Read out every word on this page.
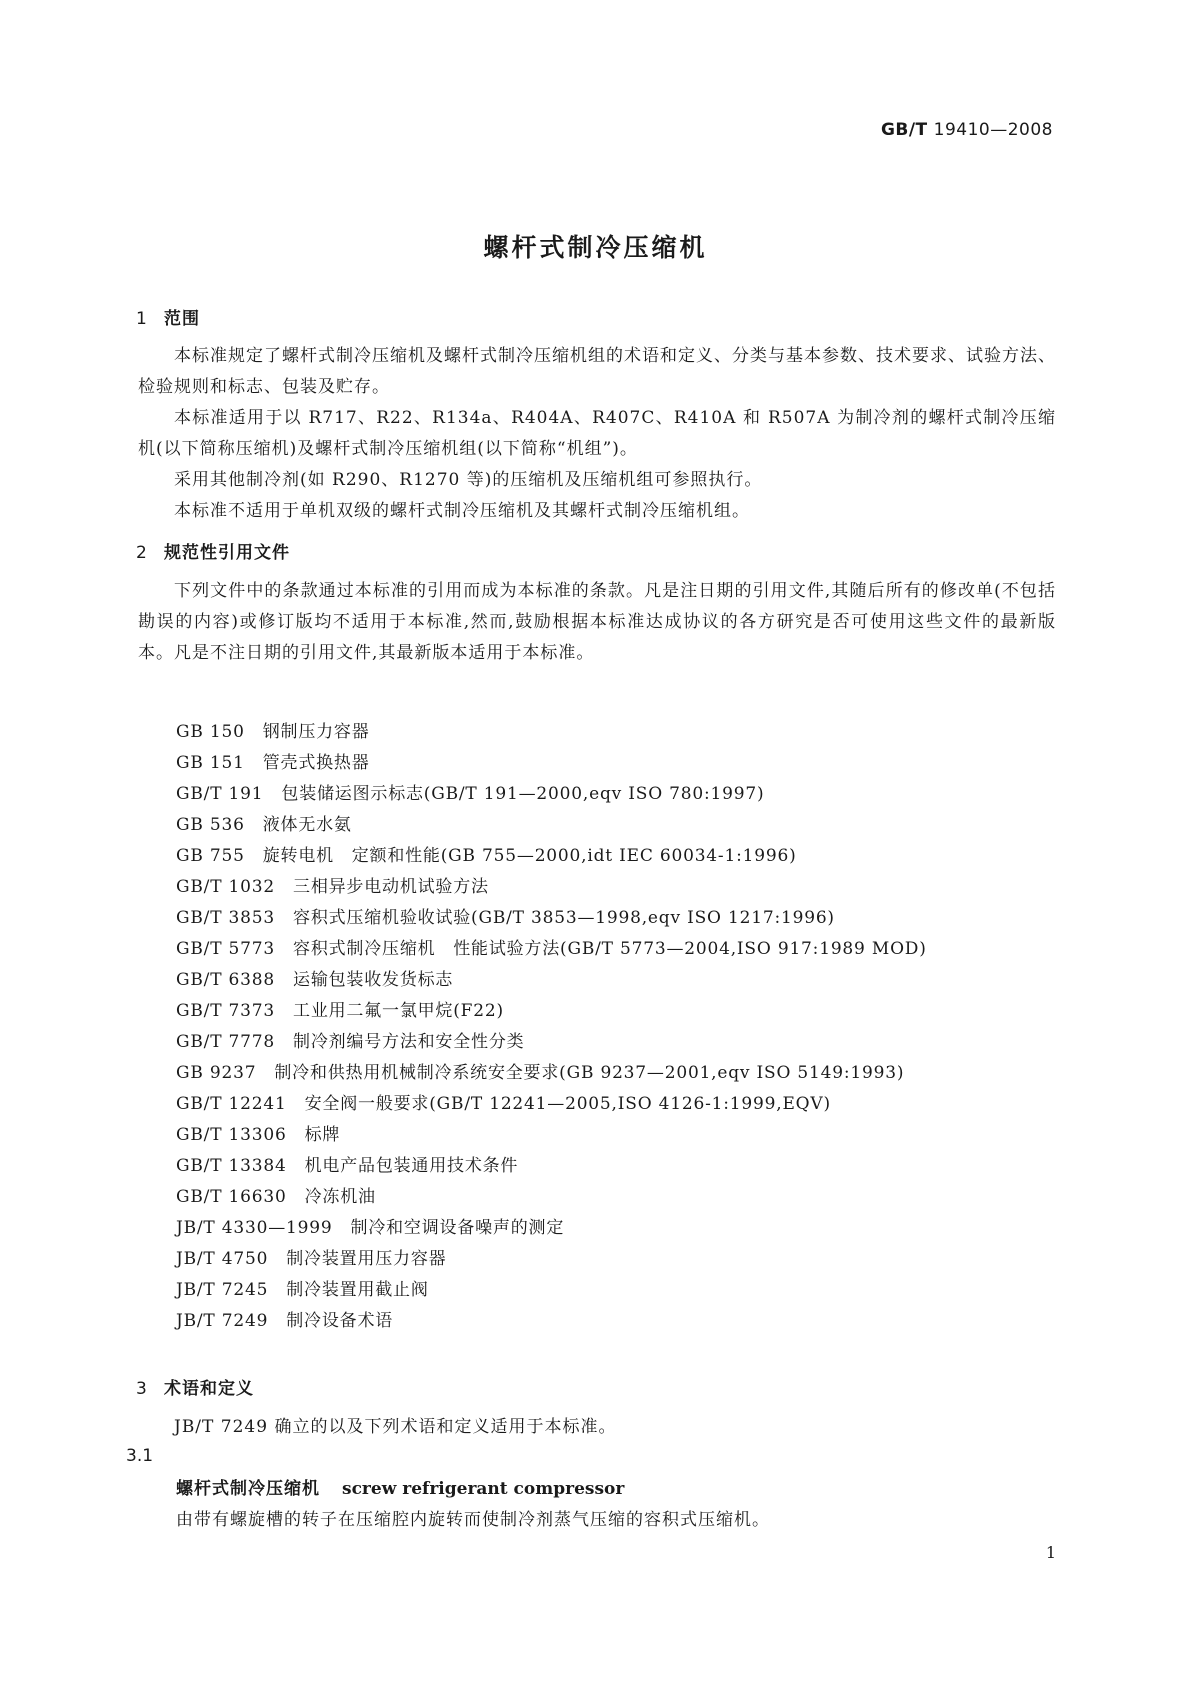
GB/T 19410—2008
螺杆式制冷压缩机
1 范围

本标准规定了螺杆式制冷压缩机及螺杆式制冷压缩机组的术语和定义、分类与基本参数、技术要求、试验方法、检验规则和标志、包装及贮存。

本标准适用于以 R717、R22、R134a、R404A、R407C、R410A 和 R507A 为制冷剂的螺杆式制冷压缩机(以下简称压缩机)及螺杆式制冷压缩机组(以下简称“机组”)。

采用其他制冷剂(如 R290、R1270 等)的压缩机及压缩机组可参照执行。

本标准不适用于单机双级的螺杆式制冷压缩机及其螺杆式制冷压缩机组。

2 规范性引用文件

下列文件中的条款通过本标准的引用而成为本标准的条款。凡是注日期的引用文件,其随后所有的修改单(不包括勘误的内容)或修订版均不适用于本标准,然而,鼓励根据本标准达成协议的各方研究是否可使用这些文件的最新版本。凡是不注日期的引用文件,其最新版本适用于本标准。

GB 150 钢制压力容器
GB 151 管壳式换热器
GB/T 191 包装储运图示标志(GB/T 191—2000,eqv ISO 780:1997)
GB 536 液体无水氨
GB 755 旋转电机　定额和性能(GB 755—2000,idt IEC 60034-1:1996)
GB/T 1032 三相异步电动机试验方法
GB/T 3853 容积式压缩机验收试验(GB/T 3853—1998,eqv ISO 1217:1996)
GB/T 5773 容积式制冷压缩机　性能试验方法(GB/T 5773—2004,ISO 917:1989 MOD)
GB/T 6388 运输包装收发货标志
GB/T 7373 工业用二氟一氯甲烷(F22)
GB/T 7778 制冷剂编号方法和安全性分类
GB 9237 制冷和供热用机械制冷系统安全要求(GB 9237—2001,eqv ISO 5149:1993)
GB/T 12241 安全阀一般要求(GB/T 12241—2005,ISO 4126-1:1999,EQV)
GB/T 13306 标牌
GB/T 13384 机电产品包装通用技术条件
GB/T 16630 冷冻机油
JB/T 4330—1999 制冷和空调设备噪声的测定
JB/T 4750 制冷装置用压力容器
JB/T 7245 制冷装置用截止阀
JB/T 7249 制冷设备术语
3 术语和定义

JB/T 7249 确立的以及下列术语和定义适用于本标准。

3.1
螺杆式制冷压缩机 screw refrigerant compressor

由带有螺旋槽的转子在压缩腔内旋转而使制冷剂蒸气压缩的容积式压缩机。

1
